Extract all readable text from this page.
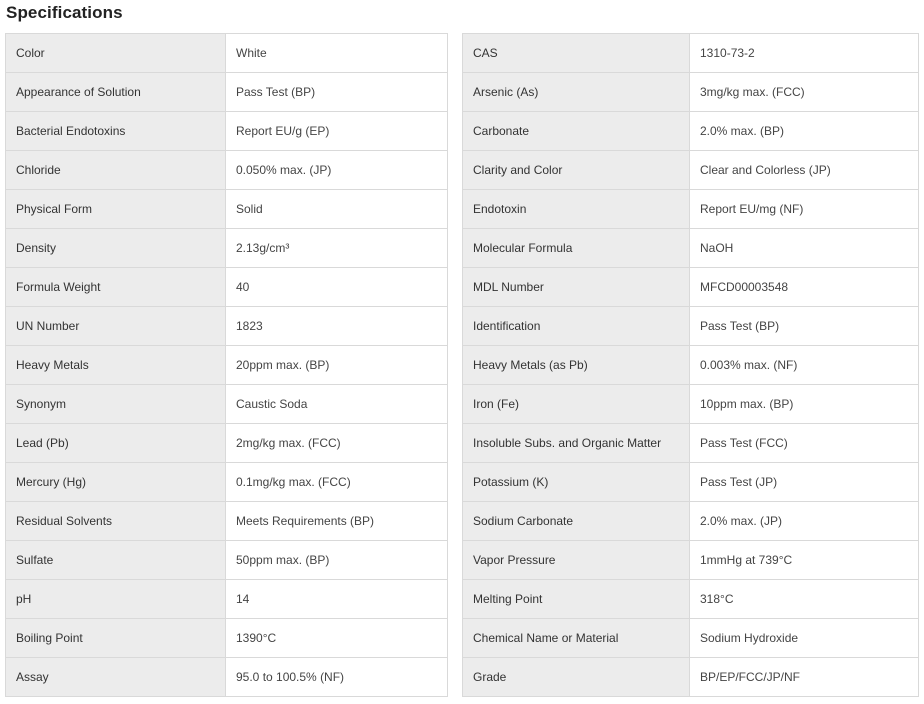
Specifications
Color	White
Appearance of Solution	Pass Test (BP)
Bacterial Endotoxins	Report EU/g (EP)
Chloride	0.050% max. (JP)
Physical Form	Solid
Density	2.13g/cm³
Formula Weight	40
UN Number	1823
Heavy Metals	20ppm max. (BP)
Synonym	Caustic Soda
Lead (Pb)	2mg/kg max. (FCC)
Mercury (Hg)	0.1mg/kg max. (FCC)
Residual Solvents	Meets Requirements (BP)
Sulfate	50ppm max. (BP)
pH	14
Boiling Point	1390°C
Assay	95.0 to 100.5% (NF)
CAS	1310-73-2
Arsenic (As)	3mg/kg max. (FCC)
Carbonate	2.0% max. (BP)
Clarity and Color	Clear and Colorless (JP)
Endotoxin	Report EU/mg (NF)
Molecular Formula	NaOH
MDL Number	MFCD00003548
Identification	Pass Test (BP)
Heavy Metals (as Pb)	0.003% max. (NF)
Iron (Fe)	10ppm max. (BP)
Insoluble Subs. and Organic Matter	Pass Test (FCC)
Potassium (K)	Pass Test (JP)
Sodium Carbonate	2.0% max. (JP)
Vapor Pressure	1mmHg at 739°C
Melting Point	318°C
Chemical Name or Material	Sodium Hydroxide
Grade	BP/EP/FCC/JP/NF
